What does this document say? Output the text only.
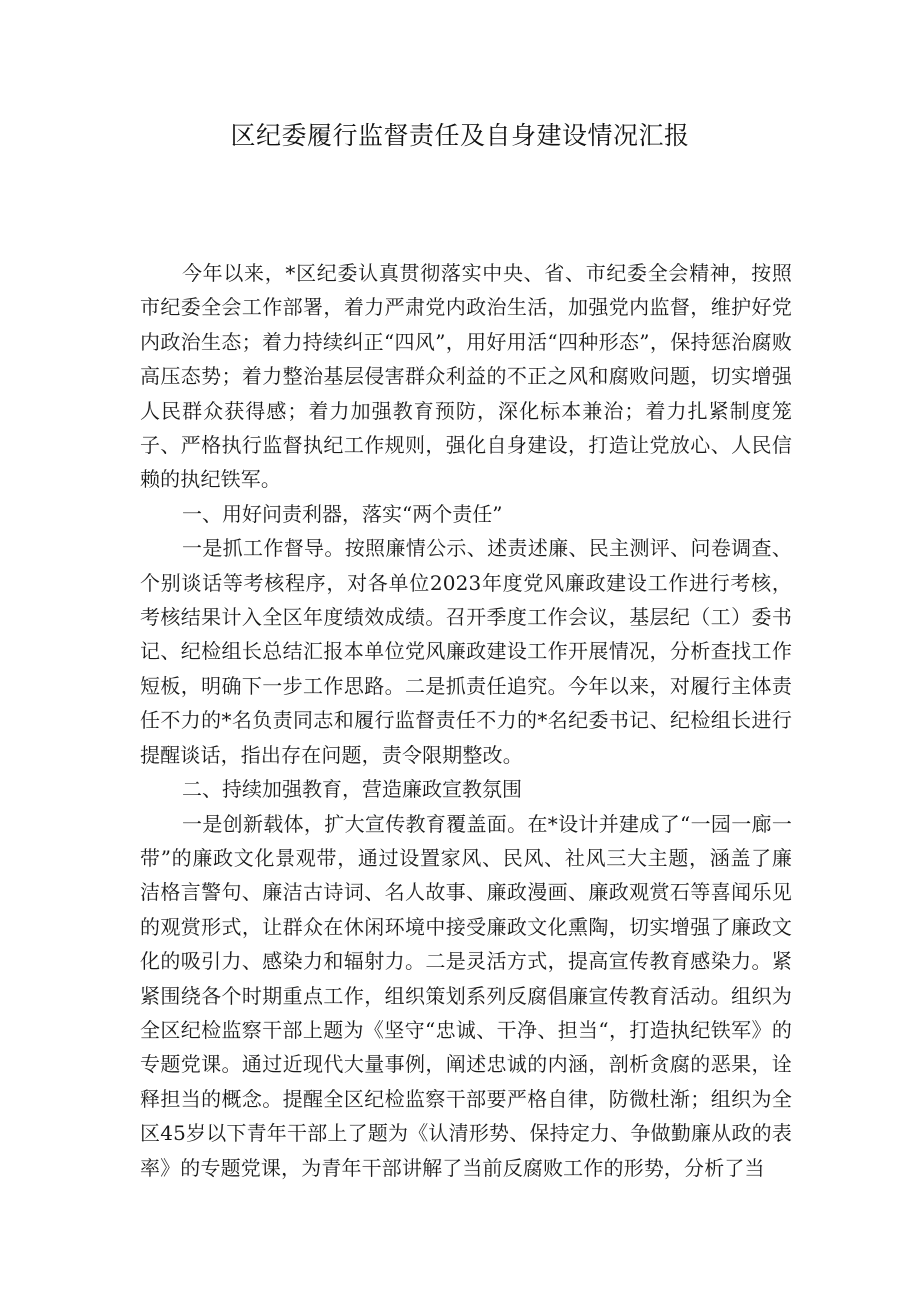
区纪委履行监督责任及自身建设情况汇报

今年以来，*区纪委认真贯彻落实中央、省、市纪委全会精神，按照市纪委全会工作部署，着力严肃党内政治生活，加强党内监督，维护好党内政治生态；着力持续纠正“四风”，用好用活“四种形态”，保持惩治腐败高压态势；着力整治基层侵害群众利益的不正之风和腐败问题，切实增强人民群众获得感；着力加强教育预防，深化标本兼治；着力扎紧制度笼子、严格执行监督执纪工作规则，强化自身建设，打造让党放心、人民信赖的执纪铁军。

一、用好问责利器，落实“两个责任”

一是抓工作督导。按照廉情公示、述责述廉、民主测评、问卷调查、个别谈话等考核程序，对各单位2023年度党风廉政建设工作进行考核，考核结果计入全区年度绩效成绩。召开季度工作会议，基层纪（工）委书记、纪检组长总结汇报本单位党风廉政建设工作开展情况，分析查找工作短板，明确下一步工作思路。二是抓责任追究。今年以来，对履行主体责任不力的*名负责同志和履行监督责任不力的*名纪委书记、纪检组长进行提醒谈话，指出存在问题，责令限期整改。

二、持续加强教育，营造廉政宣教氛围

一是创新载体，扩大宣传教育覆盖面。在*设计并建成了“一园一廊一带”的廉政文化景观带，通过设置家风、民风、社风三大主题，涵盖了廉洁格言警句、廉洁古诗词、名人故事、廉政漫画、廉政观赏石等喜闻乐见的观赏形式，让群众在休闲环境中接受廉政文化熏陶，切实增强了廉政文化的吸引力、感染力和辐射力。二是灵活方式，提高宣传教育感染力。紧紧围绕各个时期重点工作，组织策划系列反腐倡廉宣传教育活动。组织为全区纪检监察干部上题为《坚守“忠诚、干净、担当“，打造执纪铁军》的专题党课。通过近现代大量事例，阐述忠诚的内涵，剖析贪腐的恶果，诠释担当的概念。提醒全区纪检监察干部要严格自律，防微杜渐；组织为全区45岁以下青年干部上了题为《认清形势、保持定力、争做勤廉从政的表率》的专题党课，为青年干部讲解了当前反腐败工作的形势，分析了当
